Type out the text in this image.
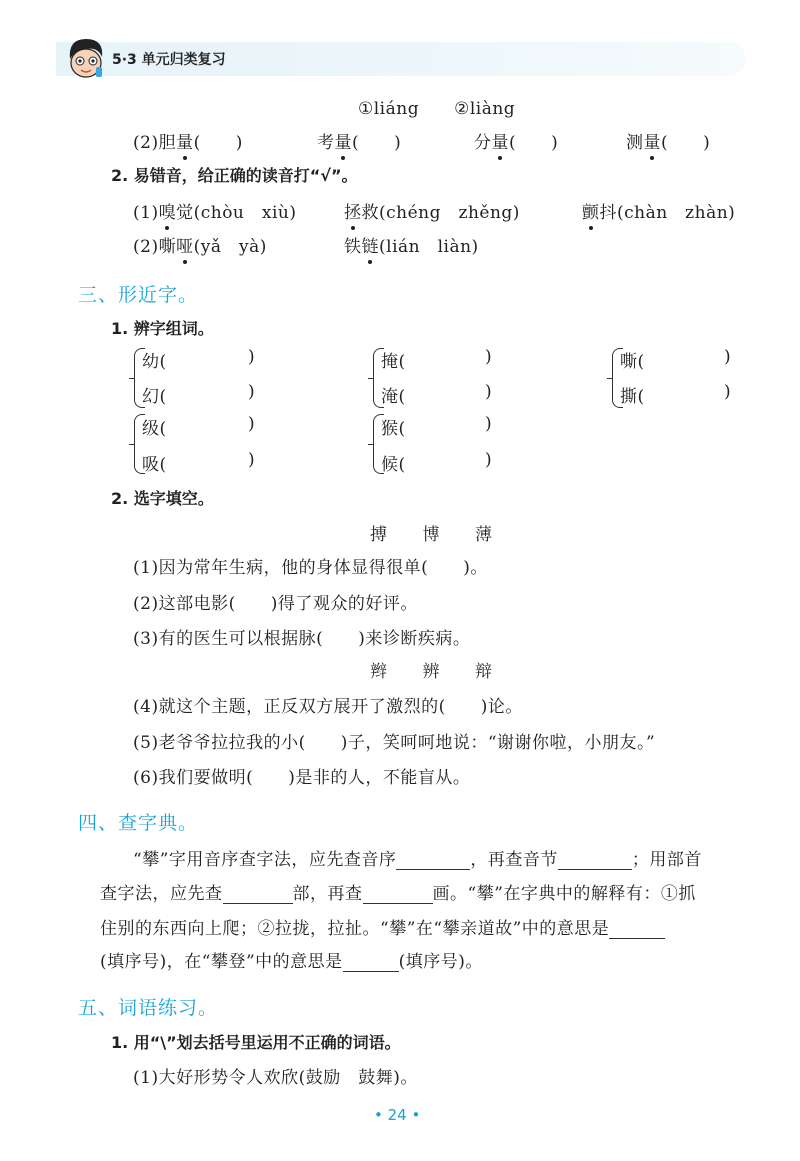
5·3 单元归类复习
①liáng　　②liàng
(2)胆量(　　)	考量(　　)	分量(　　)	测量(　　)
2. 易错音，给正确的读音打“√”。
(1)嗅觉(chòu　xiù)	拯救(chéng　zhěng)	颤抖(chàn　zhàn)
(2)嘶哑(yǎ　yà)	铁链(lián　liàn)
三、形近字。
1. 辨字组词。
幼(	)
幻(	)
掩(	)
淹(	)
嘶(	)
撕(	)
级(	)
吸(	)
猴(	)
候(	)
2. 选字填空。
搏　　博　　薄
(1)因为常年生病，他的身体显得很单(　　)。
(2)这部电影(　　)得了观众的好评。
(3)有的医生可以根据脉(　　)来诊断疾病。
辫　　辨　　辩
(4)就这个主题，正反双方展开了激烈的(　　)论。
(5)老爷爷拉拉我的小(　　)子，笑呵呵地说：“谢谢你啦，小朋友。”
(6)我们要做明(　　)是非的人，不能盲从。
四、查字典。
“攀”字用音序查字法，应先查音序	，再查音节	；用部首
查字法，应先查	部，再查	画。“攀”在字典中的解释有：①抓
住别的东西向上爬；②拉拢，拉扯。“攀”在“攀亲道故”中的意思是
(填序号)，在“攀登”中的意思是	(填序号)。
五、词语练习。
1. 用“\”划去括号里运用不正确的词语。
(1)大好形势令人欢欣(鼓励　鼓舞)。
• 24 •
